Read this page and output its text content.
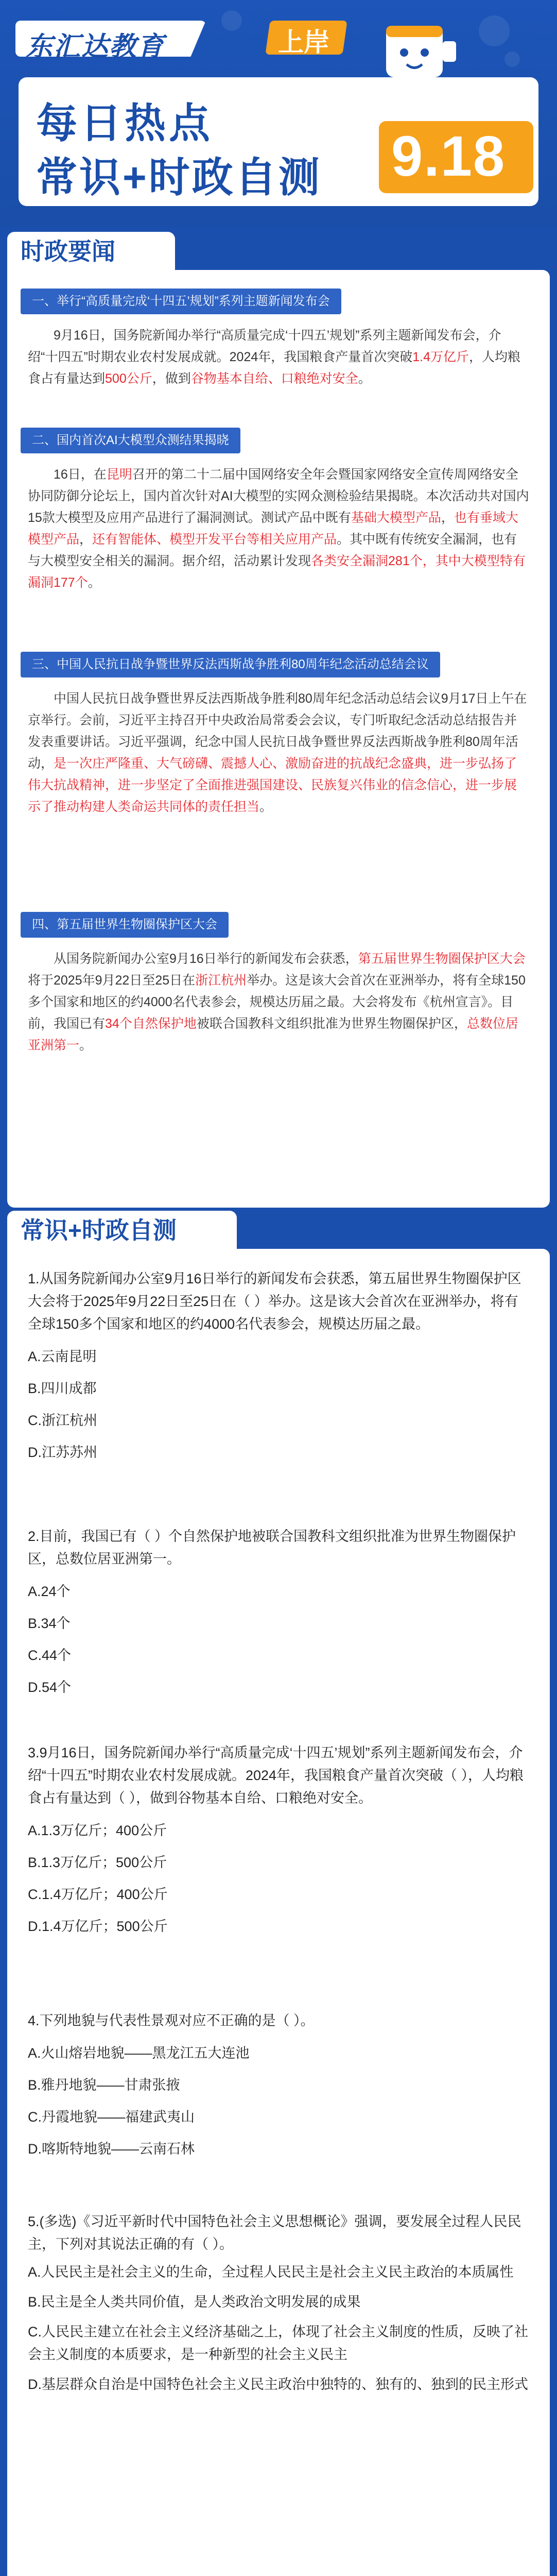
东汇达教育	上岸
每日热点
常识+时政自测 9.18
时政要闻
一、举行“高质量完成‘十四五’规划”系列主题新闻发布会

9月16日，国务院新闻办举行“高质量完成‘十四五’规划”系列主题新闻发布会，介绍“十四五”时期农业农村发展成就。2024年，我国粮食产量首次突破1.4万亿斤，人均粮食占有量达到500公斤，做到谷物基本自给、口粮绝对安全。

二、国内首次AI大模型众测结果揭晓

16日，在昆明召开的第二十二届中国网络安全年会暨国家网络安全宣传周网络安全协同防御分论坛上，国内首次针对AI大模型的实网众测检验结果揭晓。本次活动共对国内15款大模型及应用产品进行了漏洞测试。测试产品中既有基础大模型产品，也有垂域大模型产品，还有智能体、模型开发平台等相关应用产品。其中既有传统安全漏洞，也有与大模型安全相关的漏洞。据介绍，活动累计发现各类安全漏洞281个，其中大模型特有漏洞177个。

三、中国人民抗日战争暨世界反法西斯战争胜利80周年纪念活动总结会议

中国人民抗日战争暨世界反法西斯战争胜利80周年纪念活动总结会议9月17日上午在京举行。会前，习近平主持召开中央政治局常委会会议，专门听取纪念活动总结报告并发表重要讲话。习近平强调，纪念中国人民抗日战争暨世界反法西斯战争胜利80周年活动，是一次庄严隆重、大气磅礴、震撼人心、激励奋进的抗战纪念盛典，进一步弘扬了伟大抗战精神，进一步坚定了全面推进强国建设、民族复兴伟业的信念信心，进一步展示了推动构建人类命运共同体的责任担当。

四、第五届世界生物圈保护区大会

从国务院新闻办公室9月16日举行的新闻发布会获悉，第五届世界生物圈保护区大会将于2025年9月22日至25日在浙江杭州举办。这是该大会首次在亚洲举办，将有全球150多个国家和地区的约4000名代表参会，规模达历届之最。大会将发布《杭州宣言》。目前，我国已有34个自然保护地被联合国教科文组织批准为世界生物圈保护区，总数位居亚洲第一。

常识+时政自测

1.从国务院新闻办公室9月16日举行的新闻发布会获悉，第五届世界生物圈保护区大会将于2025年9月22日至25日在（ ）举办。这是该大会首次在亚洲举办，将有全球150多个国家和地区的约4000名代表参会，规模达历届之最。

A.云南昆明

B.四川成都

C.浙江杭州

D.江苏苏州

2.目前，我国已有（ ）个自然保护地被联合国教科文组织批准为世界生物圈保护区，总数位居亚洲第一。

A.24个

B.34个

C.44个

D.54个

3.9月16日，国务院新闻办举行“高质量完成‘十四五’规划”系列主题新闻发布会，介绍“十四五”时期农业农村发展成就。2024年，我国粮食产量首次突破（ ），人均粮食占有量达到（ ），做到谷物基本自给、口粮绝对安全。

A.1.3万亿斤；400公斤

B.1.3万亿斤；500公斤

C.1.4万亿斤；400公斤

D.1.4万亿斤；500公斤

4.下列地貌与代表性景观对应不正确的是（ ）。

A.火山熔岩地貌——黑龙江五大连池

B.雅丹地貌——甘肃张掖

C.丹霞地貌——福建武夷山

D.喀斯特地貌——云南石林

5.(多选)《习近平新时代中国特色社会主义思想概论》强调，要发展全过程人民民主，下列对其说法正确的有（ ）。

A.人民民主是社会主义的生命，全过程人民民主是社会主义民主政治的本质属性

B.民主是全人类共同价值，是人类政治文明发展的成果

C.人民民主建立在社会主义经济基础之上，体现了社会主义制度的性质，反映了社会主义制度的本质要求，是一种新型的社会主义民主

D.基层群众自治是中国特色社会主义民主政治中独特的、独有的、独到的民主形式
